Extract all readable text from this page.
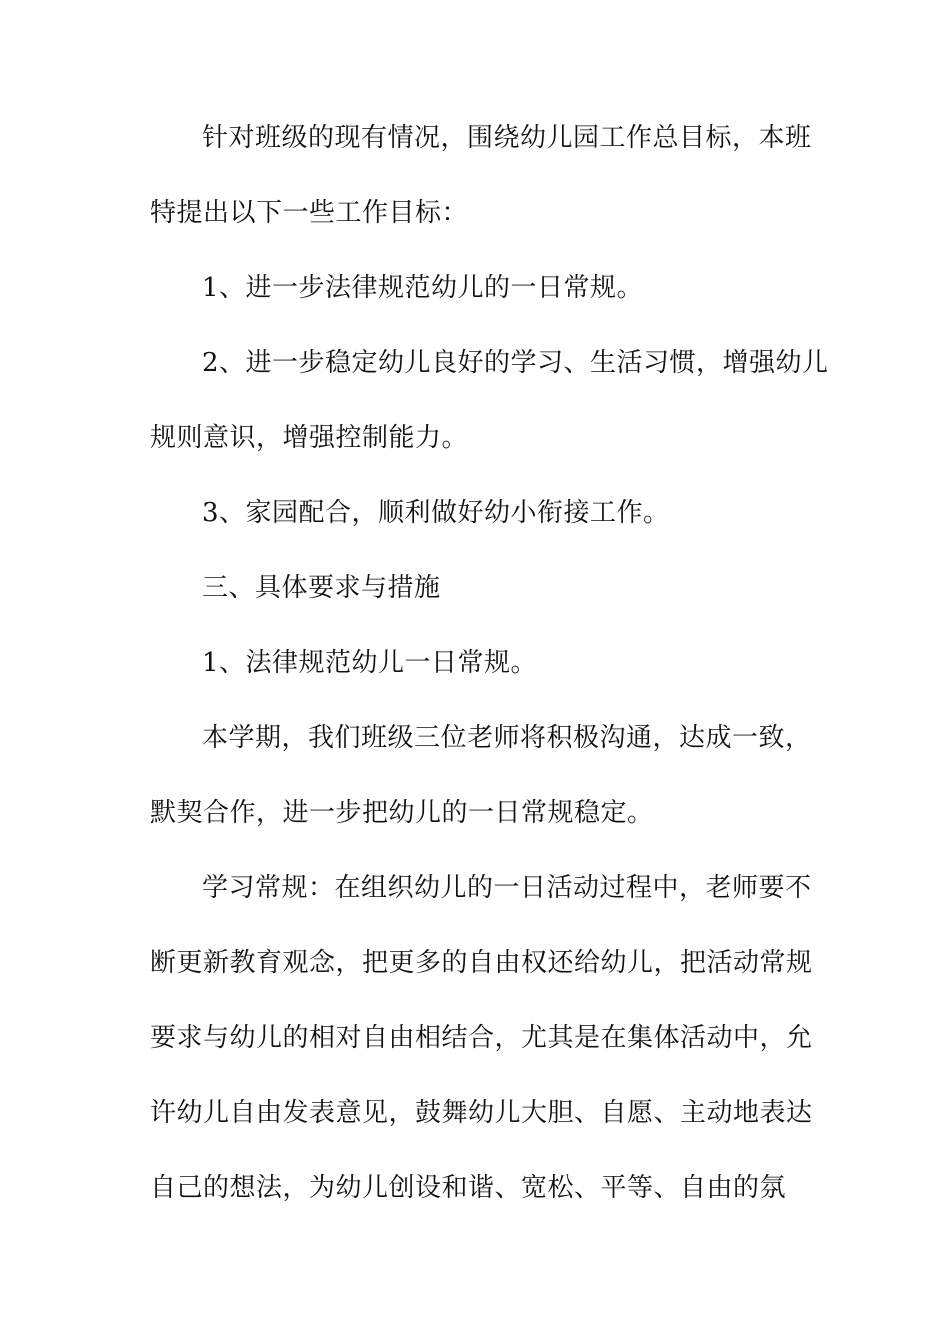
针对班级的现有情况，围绕幼儿园工作总目标，本班
特提出以下一些工作目标：
1、进一步法律规范幼儿的一日常规。
2、进一步稳定幼儿良好的学习、生活习惯，增强幼儿
规则意识，增强控制能力。
3、家园配合，顺利做好幼小衔接工作。
三、具体要求与措施
1、法律规范幼儿一日常规。
本学期，我们班级三位老师将积极沟通，达成一致，
默契合作，进一步把幼儿的一日常规稳定。
学习常规：在组织幼儿的一日活动过程中，老师要不
断更新教育观念，把更多的自由权还给幼儿，把活动常规
要求与幼儿的相对自由相结合，尤其是在集体活动中，允
许幼儿自由发表意见，鼓舞幼儿大胆、自愿、主动地表达
自己的想法，为幼儿创设和谐、宽松、平等、自由的氛
